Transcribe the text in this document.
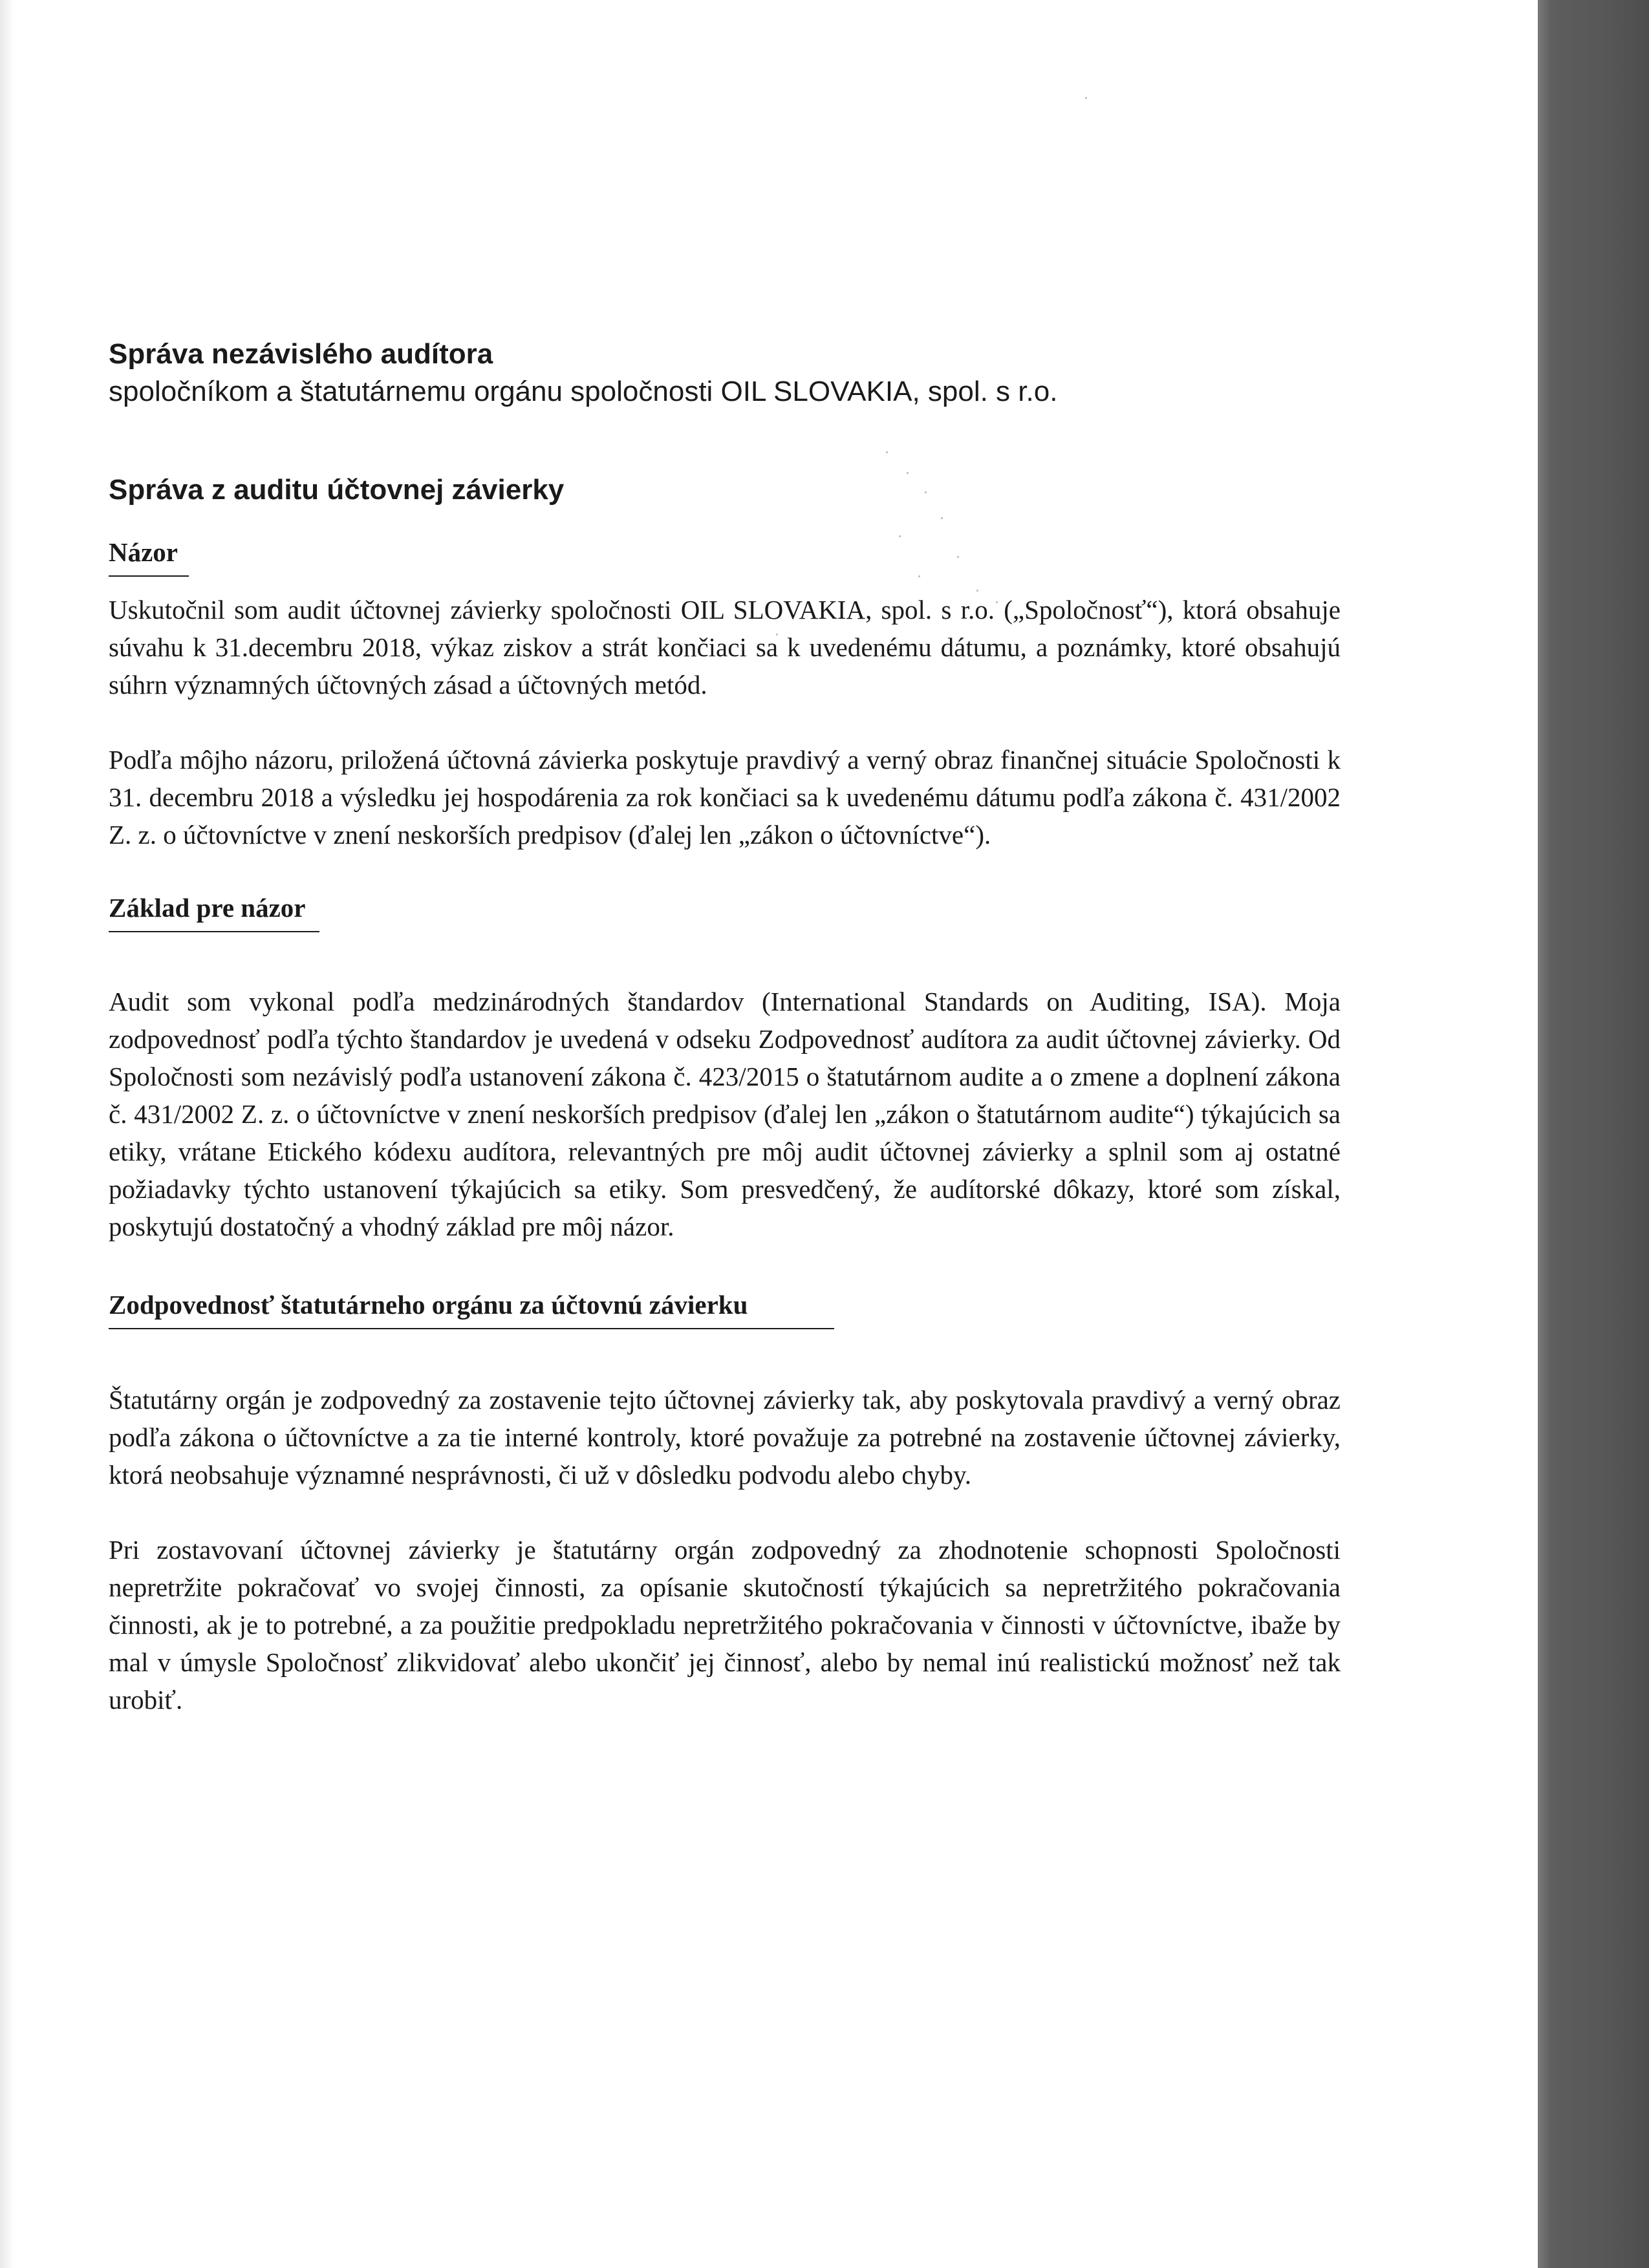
Správa nezávislého audítora

spoločníkom a štatutárnemu orgánu spoločnosti OIL SLOVAKIA, spol. s r.o.

Správa z auditu účtovnej závierky
Názor

Uskutočnil som audit účtovnej závierky spoločnosti OIL SLOVAKIA, spol. s r.o. („Spoločnosť“), ktorá obsahuje súvahu k 31.decembru 2018, výkaz ziskov a strát končiaci sa k uvedenému dátumu, a poznámky, ktoré obsahujú súhrn významných účtovných zásad a účtovných metód.

Podľa môjho názoru, priložená účtovná závierka poskytuje pravdivý a verný obraz finančnej situácie Spoločnosti k 31. decembru 2018 a výsledku jej hospodárenia za rok končiaci sa k uvedenému dátumu podľa zákona č. 431/2002 Z. z. o účtovníctve v znení neskorších predpisov (ďalej len „zákon o účtovníctve“).

Základ pre názor

Audit som vykonal podľa medzinárodných štandardov (International Standards on Auditing, ISA). Moja zodpovednosť podľa týchto štandardov je uvedená v odseku Zodpovednosť audítora za audit účtovnej závierky. Od Spoločnosti som nezávislý podľa ustanovení zákona č. 423/2015 o štatutárnom audite a o zmene a doplnení zákona č. 431/2002 Z. z. o účtovníctve v znení neskorších predpisov (ďalej len „zákon o štatutárnom audite“) týkajúcich sa etiky, vrátane Etického kódexu audítora, relevantných pre môj audit účtovnej závierky a splnil som aj ostatné požiadavky týchto ustanovení týkajúcich sa etiky. Som presvedčený, že audítorské dôkazy, ktoré som získal, poskytujú dostatočný a vhodný základ pre môj názor.

Zodpovednosť štatutárneho orgánu za účtovnú závierku

Štatutárny orgán je zodpovedný za zostavenie tejto účtovnej závierky tak, aby poskytovala pravdivý a verný obraz podľa zákona o účtovníctve a za tie interné kontroly, ktoré považuje za potrebné na zostavenie účtovnej závierky, ktorá neobsahuje významné nesprávnosti, či už v dôsledku podvodu alebo chyby.

Pri zostavovaní účtovnej závierky je štatutárny orgán zodpovedný za zhodnotenie schopnosti Spoločnosti nepretržite pokračovať vo svojej činnosti, za opísanie skutočností týkajúcich sa nepretržitého pokračovania činnosti, ak je to potrebné, a za použitie predpokladu nepretržitého pokračovania v činnosti v účtovníctve, ibaže by mal v úmysle Spoločnosť zlikvidovať alebo ukončiť jej činnosť, alebo by nemal inú realistickú možnosť než tak urobiť.
